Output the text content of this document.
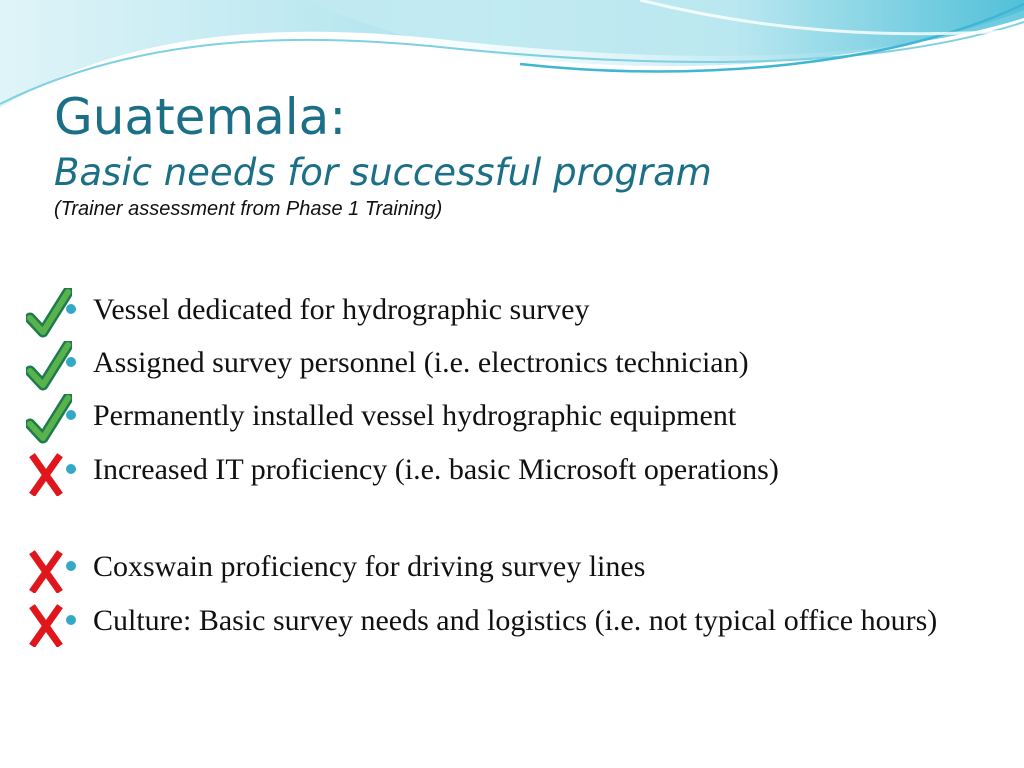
Guatemala:
Basic needs for successful program

(Trainer assessment from Phase 1 Training)

Vessel dedicated for hydrographic survey
Assigned survey personnel (i.e. electronics technician)
Permanently installed vessel hydrographic equipment
Increased IT proficiency (i.e. basic Microsoft operations)
Coxswain proficiency for driving survey lines
Culture: Basic survey needs and logistics (i.e. not typical office hours)
